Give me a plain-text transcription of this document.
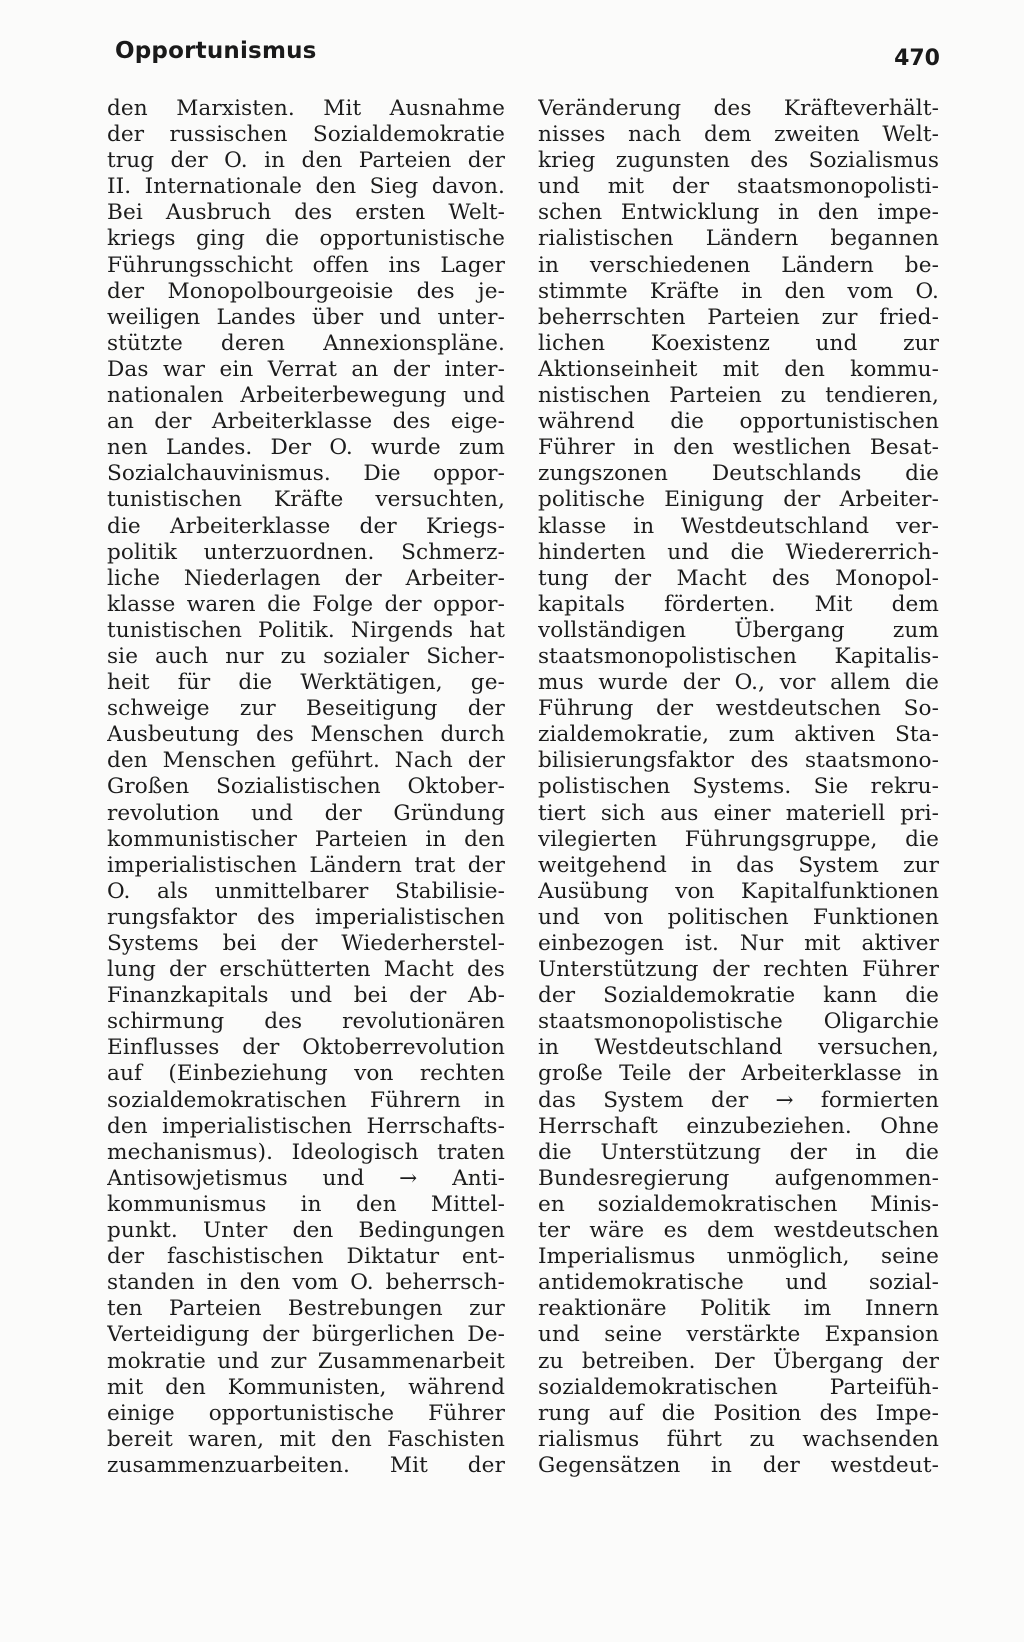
Opportunismus	470
den Marxisten. Mit Ausnahme
der russischen Sozialdemokratie
trug der O. in den Parteien der
II. Internationale den Sieg davon.
Bei Ausbruch des ersten Welt-
kriegs ging die opportunistische
Führungsschicht offen ins Lager
der Monopolbourgeoisie des je-
weiligen Landes über und unter-
stützte deren Annexionspläne.
Das war ein Verrat an der inter-
nationalen Arbeiterbewegung und
an der Arbeiterklasse des eige-
nen Landes. Der O. wurde zum
Sozialchauvinismus. Die oppor-
tunistischen Kräfte versuchten,
die Arbeiterklasse der Kriegs-
politik unterzuordnen. Schmerz-
liche Niederlagen der Arbeiter-
klasse waren die Folge der oppor-
tunistischen Politik. Nirgends hat
sie auch nur zu sozialer Sicher-
heit für die Werktätigen, ge-
schweige zur Beseitigung der
Ausbeutung des Menschen durch
den Menschen geführt. Nach der
Großen Sozialistischen Oktober-
revolution und der Gründung
kommunistischer Parteien in den
imperialistischen Ländern trat der
O. als unmittelbarer Stabilisie-
rungsfaktor des imperialistischen
Systems bei der Wiederherstel-
lung der erschütterten Macht des
Finanzkapitals und bei der Ab-
schirmung des revolutionären
Einflusses der Oktoberrevolution
auf (Einbeziehung von rechten
sozialdemokratischen Führern in
den imperialistischen Herrschafts-
mechanismus). Ideologisch traten
Antisowjetismus und → Anti-
kommunismus in den Mittel-
punkt. Unter den Bedingungen
der faschistischen Diktatur ent-
standen in den vom O. beherrsch-
ten Parteien Bestrebungen zur
Verteidigung der bürgerlichen De-
mokratie und zur Zusammenarbeit
mit den Kommunisten, während
einige opportunistische Führer
bereit waren, mit den Faschisten
zusammenzuarbeiten. Mit der
Veränderung des Kräfteverhält-
nisses nach dem zweiten Welt-
krieg zugunsten des Sozialismus
und mit der staatsmonopolisti-
schen Entwicklung in den impe-
rialistischen Ländern begannen
in verschiedenen Ländern be-
stimmte Kräfte in den vom O.
beherrschten Parteien zur fried-
lichen Koexistenz und zur
Aktionseinheit mit den kommu-
nistischen Parteien zu tendieren,
während die opportunistischen
Führer in den westlichen Besat-
zungszonen Deutschlands die
politische Einigung der Arbeiter-
klasse in Westdeutschland ver-
hinderten und die Wiedererrich-
tung der Macht des Monopol-
kapitals förderten. Mit dem
vollständigen Übergang zum
staatsmonopolistischen Kapitalis-
mus wurde der O., vor allem die
Führung der westdeutschen So-
zialdemokratie, zum aktiven Sta-
bilisierungsfaktor des staatsmono-
polistischen Systems. Sie rekru-
tiert sich aus einer materiell pri-
vilegierten Führungsgruppe, die
weitgehend in das System zur
Ausübung von Kapitalfunktionen
und von politischen Funktionen
einbezogen ist. Nur mit aktiver
Unterstützung der rechten Führer
der Sozialdemokratie kann die
staatsmonopolistische Oligarchie
in Westdeutschland versuchen,
große Teile der Arbeiterklasse in
das System der → formierten
Herrschaft einzubeziehen. Ohne
die Unterstützung der in die
Bundesregierung aufgenommen-
en sozialdemokratischen Minis-
ter wäre es dem westdeutschen
Imperialismus unmöglich, seine
antidemokratische und sozial-
reaktionäre Politik im Innern
und seine verstärkte Expansion
zu betreiben. Der Übergang der
sozialdemokratischen Parteifüh-
rung auf die Position des Impe-
rialismus führt zu wachsenden
Gegensätzen in der westdeut-
